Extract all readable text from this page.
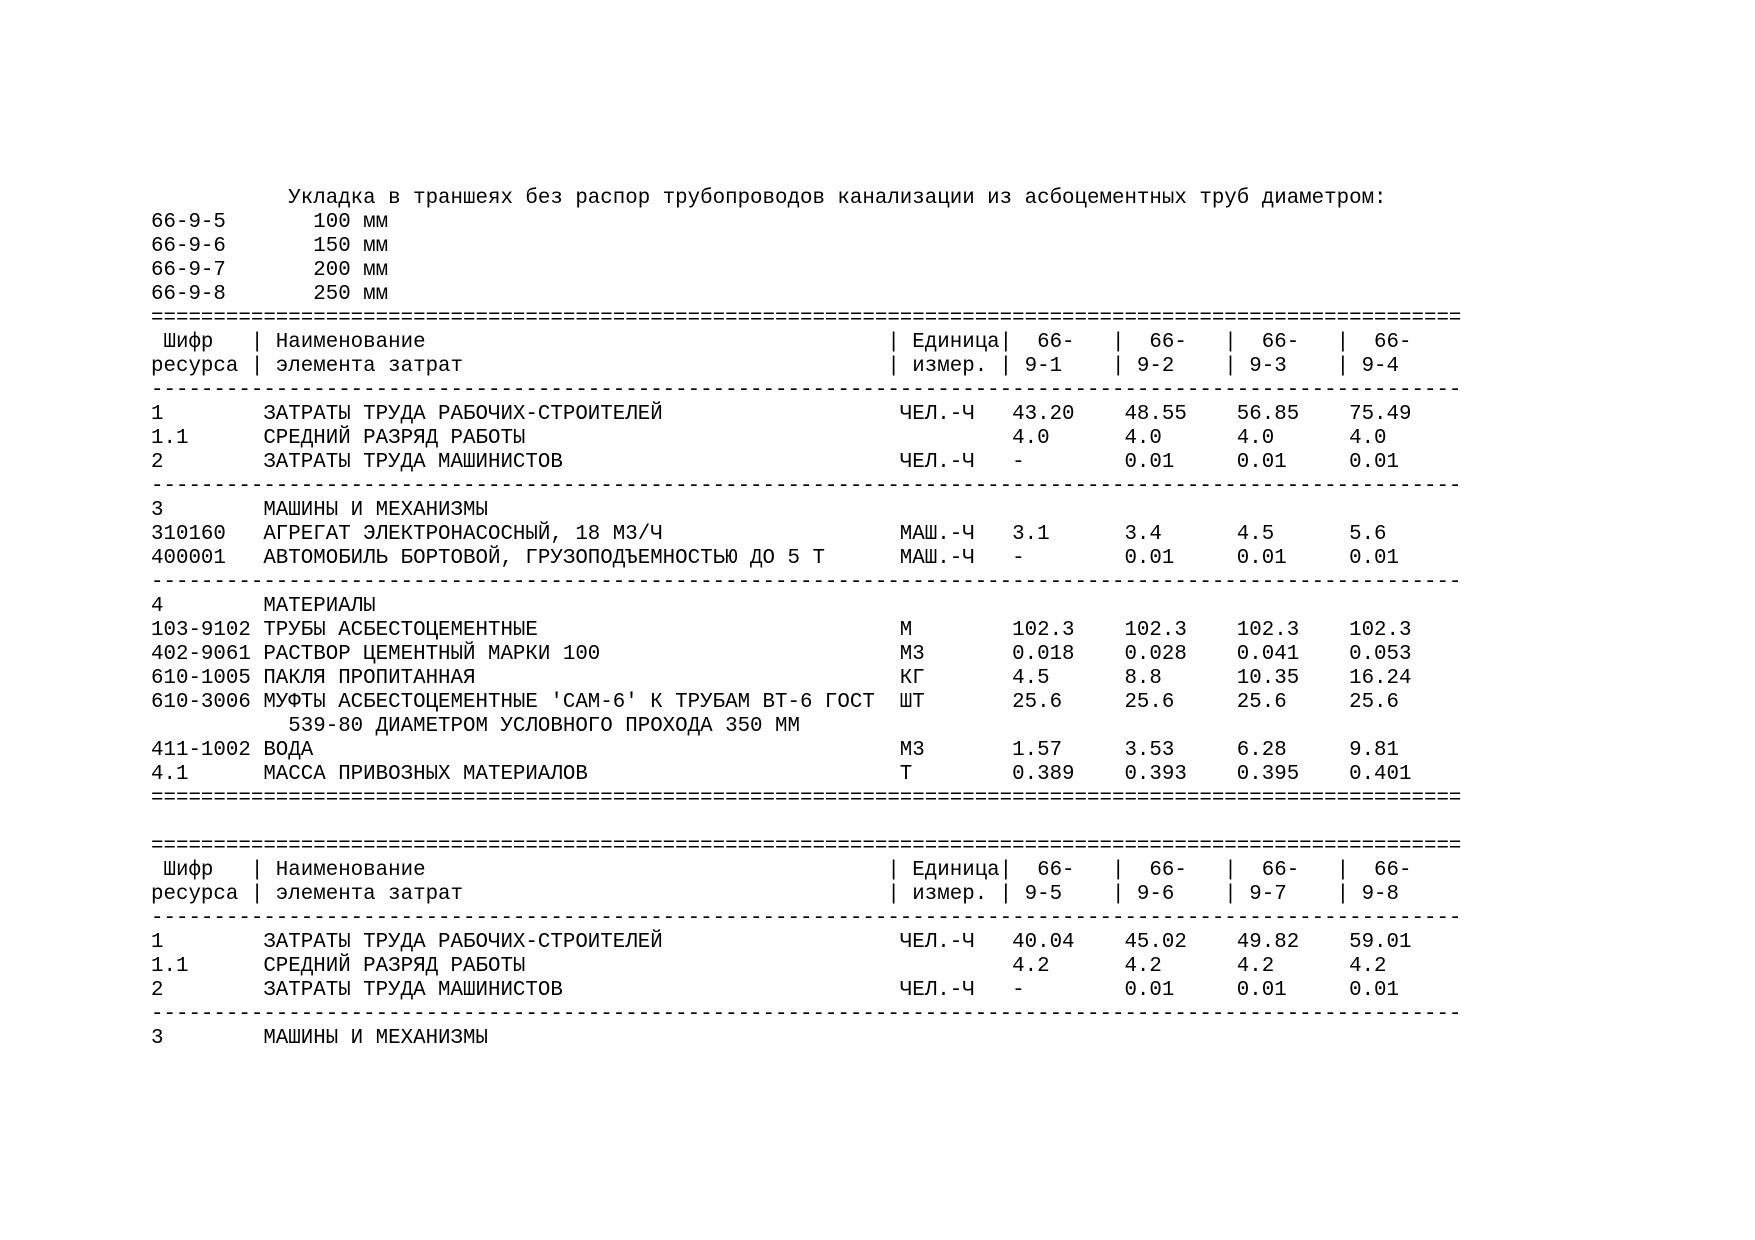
Укладка в траншеях без распор трубопроводов канализации из асбоцементных труб диаметром:
66-9-5       100 мм
66-9-6       150 мм
66-9-7       200 мм
66-9-8       250 мм
=========================================================================================================
Шифр   | Наименование                                     | Единица|  66-   |  66-   |  66-   |  66-
ресурса | элемента затрат                                  | измер. | 9-1    | 9-2    | 9-3    | 9-4
---------------------------------------------------------------------------------------------------------
1        ЗАТРАТЫ ТРУДА РАБОЧИХ-СТРОИТЕЛЕЙ                   ЧЕЛ.-Ч   43.20    48.55    56.85    75.49
1.1      СРЕДНИЙ РАЗРЯД РАБОТЫ                                       4.0      4.0      4.0      4.0
2        ЗАТРАТЫ ТРУДА МАШИНИСТОВ                           ЧЕЛ.-Ч   -        0.01     0.01     0.01
---------------------------------------------------------------------------------------------------------
3        МАШИНЫ И МЕХАНИЗМЫ
310160   АГРЕГАТ ЭЛЕКТРОНАСОСНЫЙ, 18 М3/Ч                   МАШ.-Ч   3.1      3.4      4.5      5.6
400001   АВТОМОБИЛЬ БОРТОВОЙ, ГРУЗОПОДЪЕМНОСТЬЮ ДО 5 Т      МАШ.-Ч   -        0.01     0.01     0.01
---------------------------------------------------------------------------------------------------------
4        МАТЕРИАЛЫ
103-9102 ТРУБЫ АСБЕСТОЦЕМЕНТНЫЕ                             М        102.3    102.3    102.3    102.3
402-9061 РАСТВОР ЦЕМЕНТНЫЙ МАРКИ 100                        М3       0.018    0.028    0.041    0.053
610-1005 ПАКЛЯ ПРОПИТАННАЯ                                  КГ       4.5      8.8      10.35    16.24
610-3006 МУФТЫ АСБЕСТОЦЕМЕНТНЫЕ 'САМ-6' К ТРУБАМ ВТ-6 ГОСТ  ШТ       25.6     25.6     25.6     25.6
539-80 ДИАМЕТРОМ УСЛОВНОГО ПРОХОДА 350 ММ
411-1002 ВОДА                                               М3       1.57     3.53     6.28     9.81
4.1      МАССА ПРИВОЗНЫХ МАТЕРИАЛОВ                         Т        0.389    0.393    0.395    0.401
=========================================================================================================
=========================================================================================================
Шифр   | Наименование                                     | Единица|  66-   |  66-   |  66-   |  66-
ресурса | элемента затрат                                  | измер. | 9-5    | 9-6    | 9-7    | 9-8
---------------------------------------------------------------------------------------------------------
1        ЗАТРАТЫ ТРУДА РАБОЧИХ-СТРОИТЕЛЕЙ                   ЧЕЛ.-Ч   40.04    45.02    49.82    59.01
1.1      СРЕДНИЙ РАЗРЯД РАБОТЫ                                       4.2      4.2      4.2      4.2
2        ЗАТРАТЫ ТРУДА МАШИНИСТОВ                           ЧЕЛ.-Ч   -        0.01     0.01     0.01
---------------------------------------------------------------------------------------------------------
3        МАШИНЫ И МЕХАНИЗМЫ
